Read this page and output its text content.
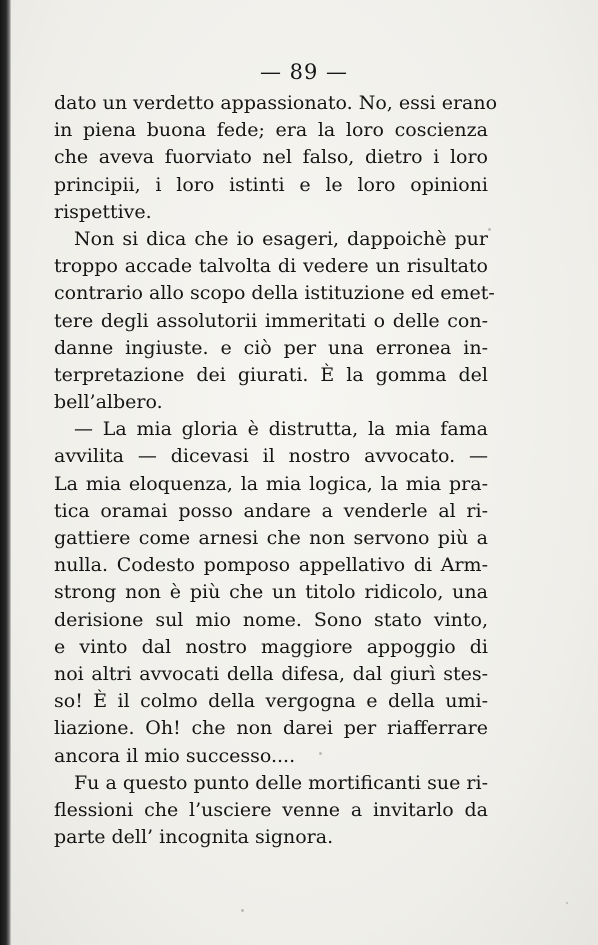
— 89 —
dato un verdetto appassionato. No, essi erano
in piena buona fede; era la loro coscienza
che aveva fuorviato nel falso, dietro i loro
principii, i loro istinti e le loro opinioni
rispettive.
Non si dica che io esageri, dappoichè pur
troppo accade talvolta di vedere un risultato
contrario allo scopo della istituzione ed emet-
tere degli assolutorii immeritati o delle con-
danne ingiuste. e ciò per una erronea in-
terpretazione dei giurati. È la gomma del
bell’albero.
— La mia gloria è distrutta, la mia fama
avvilita — dicevasi il nostro avvocato. —
La mia eloquenza, la mia logica, la mia pra-
tica oramai posso andare a venderle al ri-
gattiere come arnesi che non servono più a
nulla. Codesto pomposo appellativo di Arm-
strong non è più che un titolo ridicolo, una
derisione sul mio nome. Sono stato vinto,
e vinto dal nostro maggiore appoggio di
noi altri avvocati della difesa, dal giurì stes-
so! È il colmo della vergogna e della umi-
liazione. Oh! che non darei per riafferrare
ancora il mio successo....
Fu a questo punto delle mortificanti sue ri-
flessioni che l’usciere venne a invitarlo da
parte dell’ incognita signora.
